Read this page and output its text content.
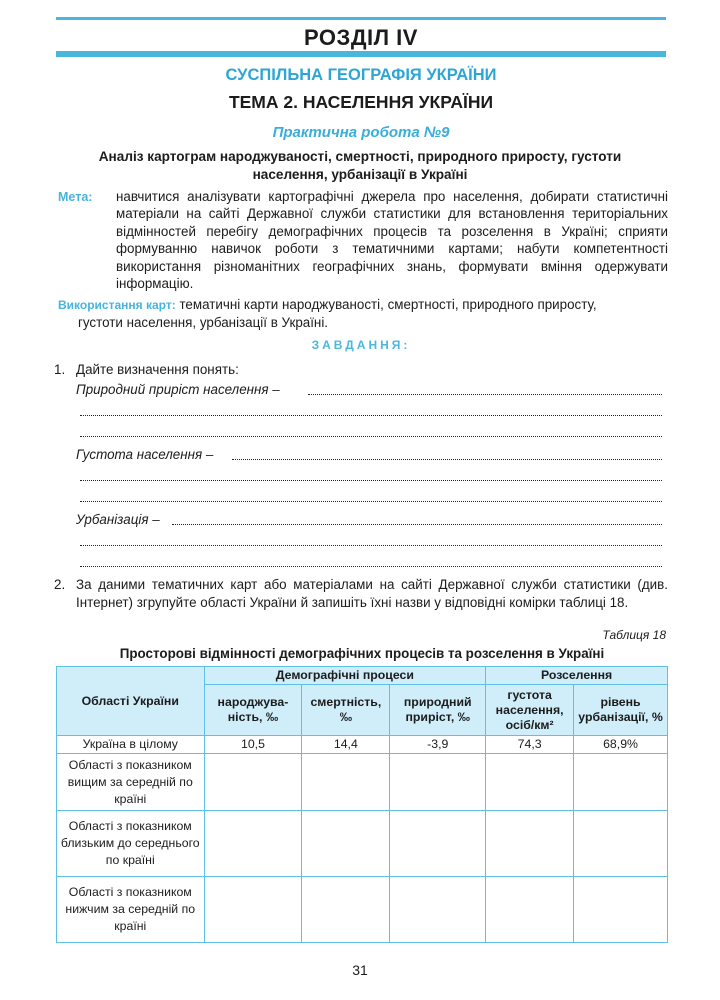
РОЗДІЛ IV
СУСПІЛЬНА ГЕОГРАФІЯ УКРАЇНИ
ТЕМА 2. НАСЕЛЕННЯ УКРАЇНИ
Практична робота №9
Аналіз картограм народжуваності, смертності, природного приросту, густоти населення, урбанізації в Україні
Мета: навчитися аналізувати картографічні джерела про населення, добирати статистичні матеріали на сайті Державної служби статистики для встановлення територіальних відмінностей перебігу демографічних процесів та розселення в Україні; сприяти формуванню навичок роботи з тематичними картами; набути компетентності використання різноманітних географічних знань, формувати вміння одержувати інформацію.
Використання карт: тематичні карти народжуваності, смертності, природного приросту,
густоти населення, урбанізації в Україні.
ЗАВДАННЯ:
1. Дайте визначення понять:
Природний приріст населення –
Густота населення –
Урбанізація –
2. За даними тематичних карт або матеріалами на сайті Державної служби статистики (див. Інтернет) згрупуйте області України й запишіть їхні назви у відповідні комірки таблиці 18.
Таблиця 18
Просторові відмінності демографічних процесів та розселення в Україні
Області України	Демографічні процеси			Розселення	
	народжува-ність, ‰	смертність, ‰	природний приріст, ‰	густота населення, осіб/км²	рівень урбанізації, %
Україна в цілому	10,5	14,4	-3,9	74,3	68,9%
Області з показником вищим за середній по країні					
Області з показником близьким до середнього по країні					
Області з показником нижчим за середній по країні					
31
